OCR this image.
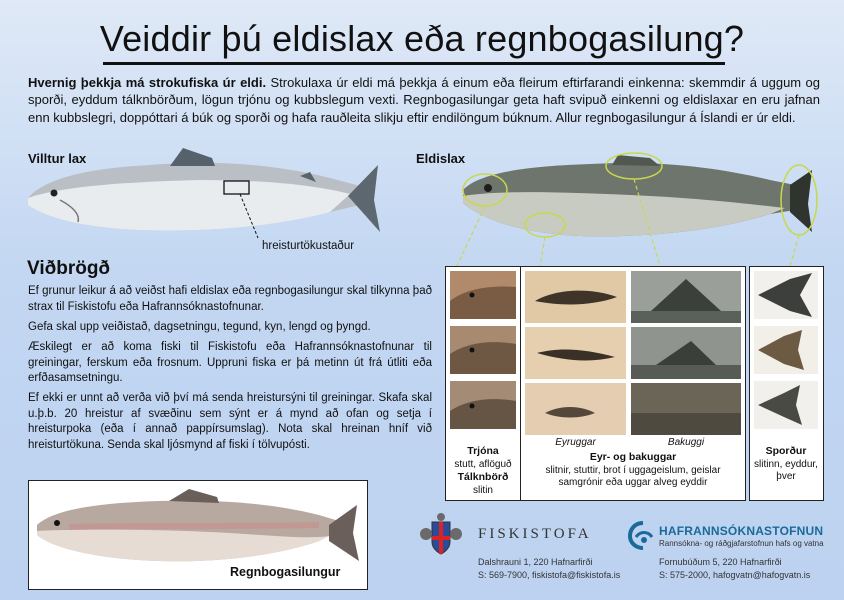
Veiddir þú eldislax eða regnbogasilung?
Hvernig þekkja má strokufiska úr eldi. Strokulaxa úr eldi má þekkja á einum eða fleirum eftirfarandi einkenna: skemmdir á uggum og sporði, eyddum tálknbörðum, lögun trjónu og kubbslegum vexti. Regnbogasilungar geta haft svipuð einkenni og eldislaxar en eru jafnan enn kubbslegri, doppóttari á búk og sporði og hafa rauðleita slikju eftir endilöngum búknum. Allur regnbogasilungur á Íslandi er úr eldi.
Villtur lax	Eldislax
hreisturtökustaður
Viðbrögð
Ef grunur leikur á að veiðst hafi eldislax eða regnbogasilungur skal tilkynna það strax til Fiskistofu eða Hafrannsóknastofnunar.
Gefa skal upp veiðistað, dagsetningu, tegund, kyn, lengd og þyngd.
Æskilegt er að koma fiski til Fiskistofu eða Hafrannsóknastofnunar til greiningar, ferskum eða frosnum. Uppruni fiska er þá metinn út frá útliti eða erfðasamsetningu.
Ef ekki er unnt að verða við því má senda hreistursýni til greiningar. Skafa skal u.þ.b. 20 hreistur af svæðinu sem sýnt er á mynd að ofan og setja í hreisturpoka (eða í annað pappírsumslag). Nota skal hreinan hníf við hreisturtökuna. Senda skal ljósmynd af fiski í tölvupósti.
Trjóna
stutt, aflöguð
Tálknbörð
slitin
Eyruggar	Bakuggi
Eyr- og bakuggar
slitnir, stuttir, brot í uggageislum, geislar samgrónir eða uggar alveg eyddir
Sporður
slitinn, eyddur, þver
Regnbogasilungur
FISKISTOFA
Dalshrauni 1, 220 Hafnarfirði
S: 569-7900, fiskistofa@fiskistofa.is
HAFRANNSÓKNASTOFNUN
Rannsókna- og ráðgjafarstofnun hafs og vatna
Fornubúðum 5, 220 Hafnarfirði
S: 575-2000, hafogvatn@hafogvatn.is
